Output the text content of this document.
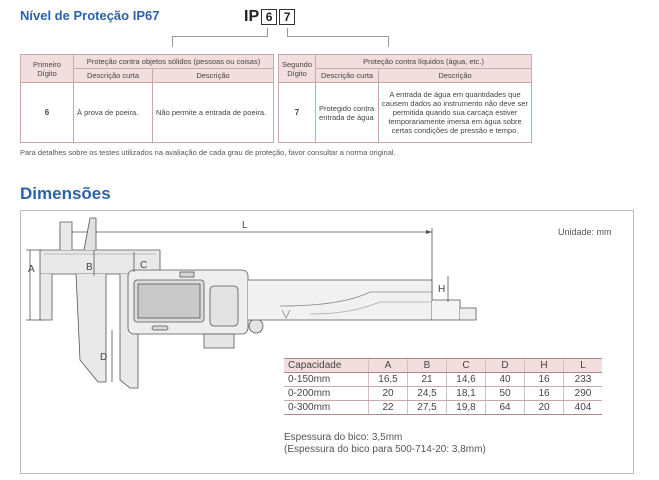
Nível de Proteção IP67	IP 6 7
Primeiro Dígito	Proteção contra objetos sólidos (pessoas ou coisas)	
	Descrição curta	Descrição
6	À prova de poeira.	Não permite a entrada de poeira.
Segundo Dígito	Proteção contra líquidos (água, etc.)	
	Descrição curta	Descrição
7	Protegido contra entrada de água	A entrada de água em quantidades que causem dados ao instrumento não deve ser permitida quando sua carcaça estiver temporariamente imersa em água sobre certas condições de pressão e tempo.
Para detalhes sobre os testes utilizados na avaliação de cada grau de proteção, favor consultar a norma original.
Dimensões
Unidade: mm
L
A	B	C
D
H
Capacidade	A	B	C	D	H	L
0-150mm	16,5	21	14,6	40	16	233
0-200mm	20	24,5	18,1	50	16	290
0-300mm	22	27,5	19,8	64	20	404
Espessura do bico: 3,5mm
(Espessura do bico para 500-714-20: 3,8mm)
